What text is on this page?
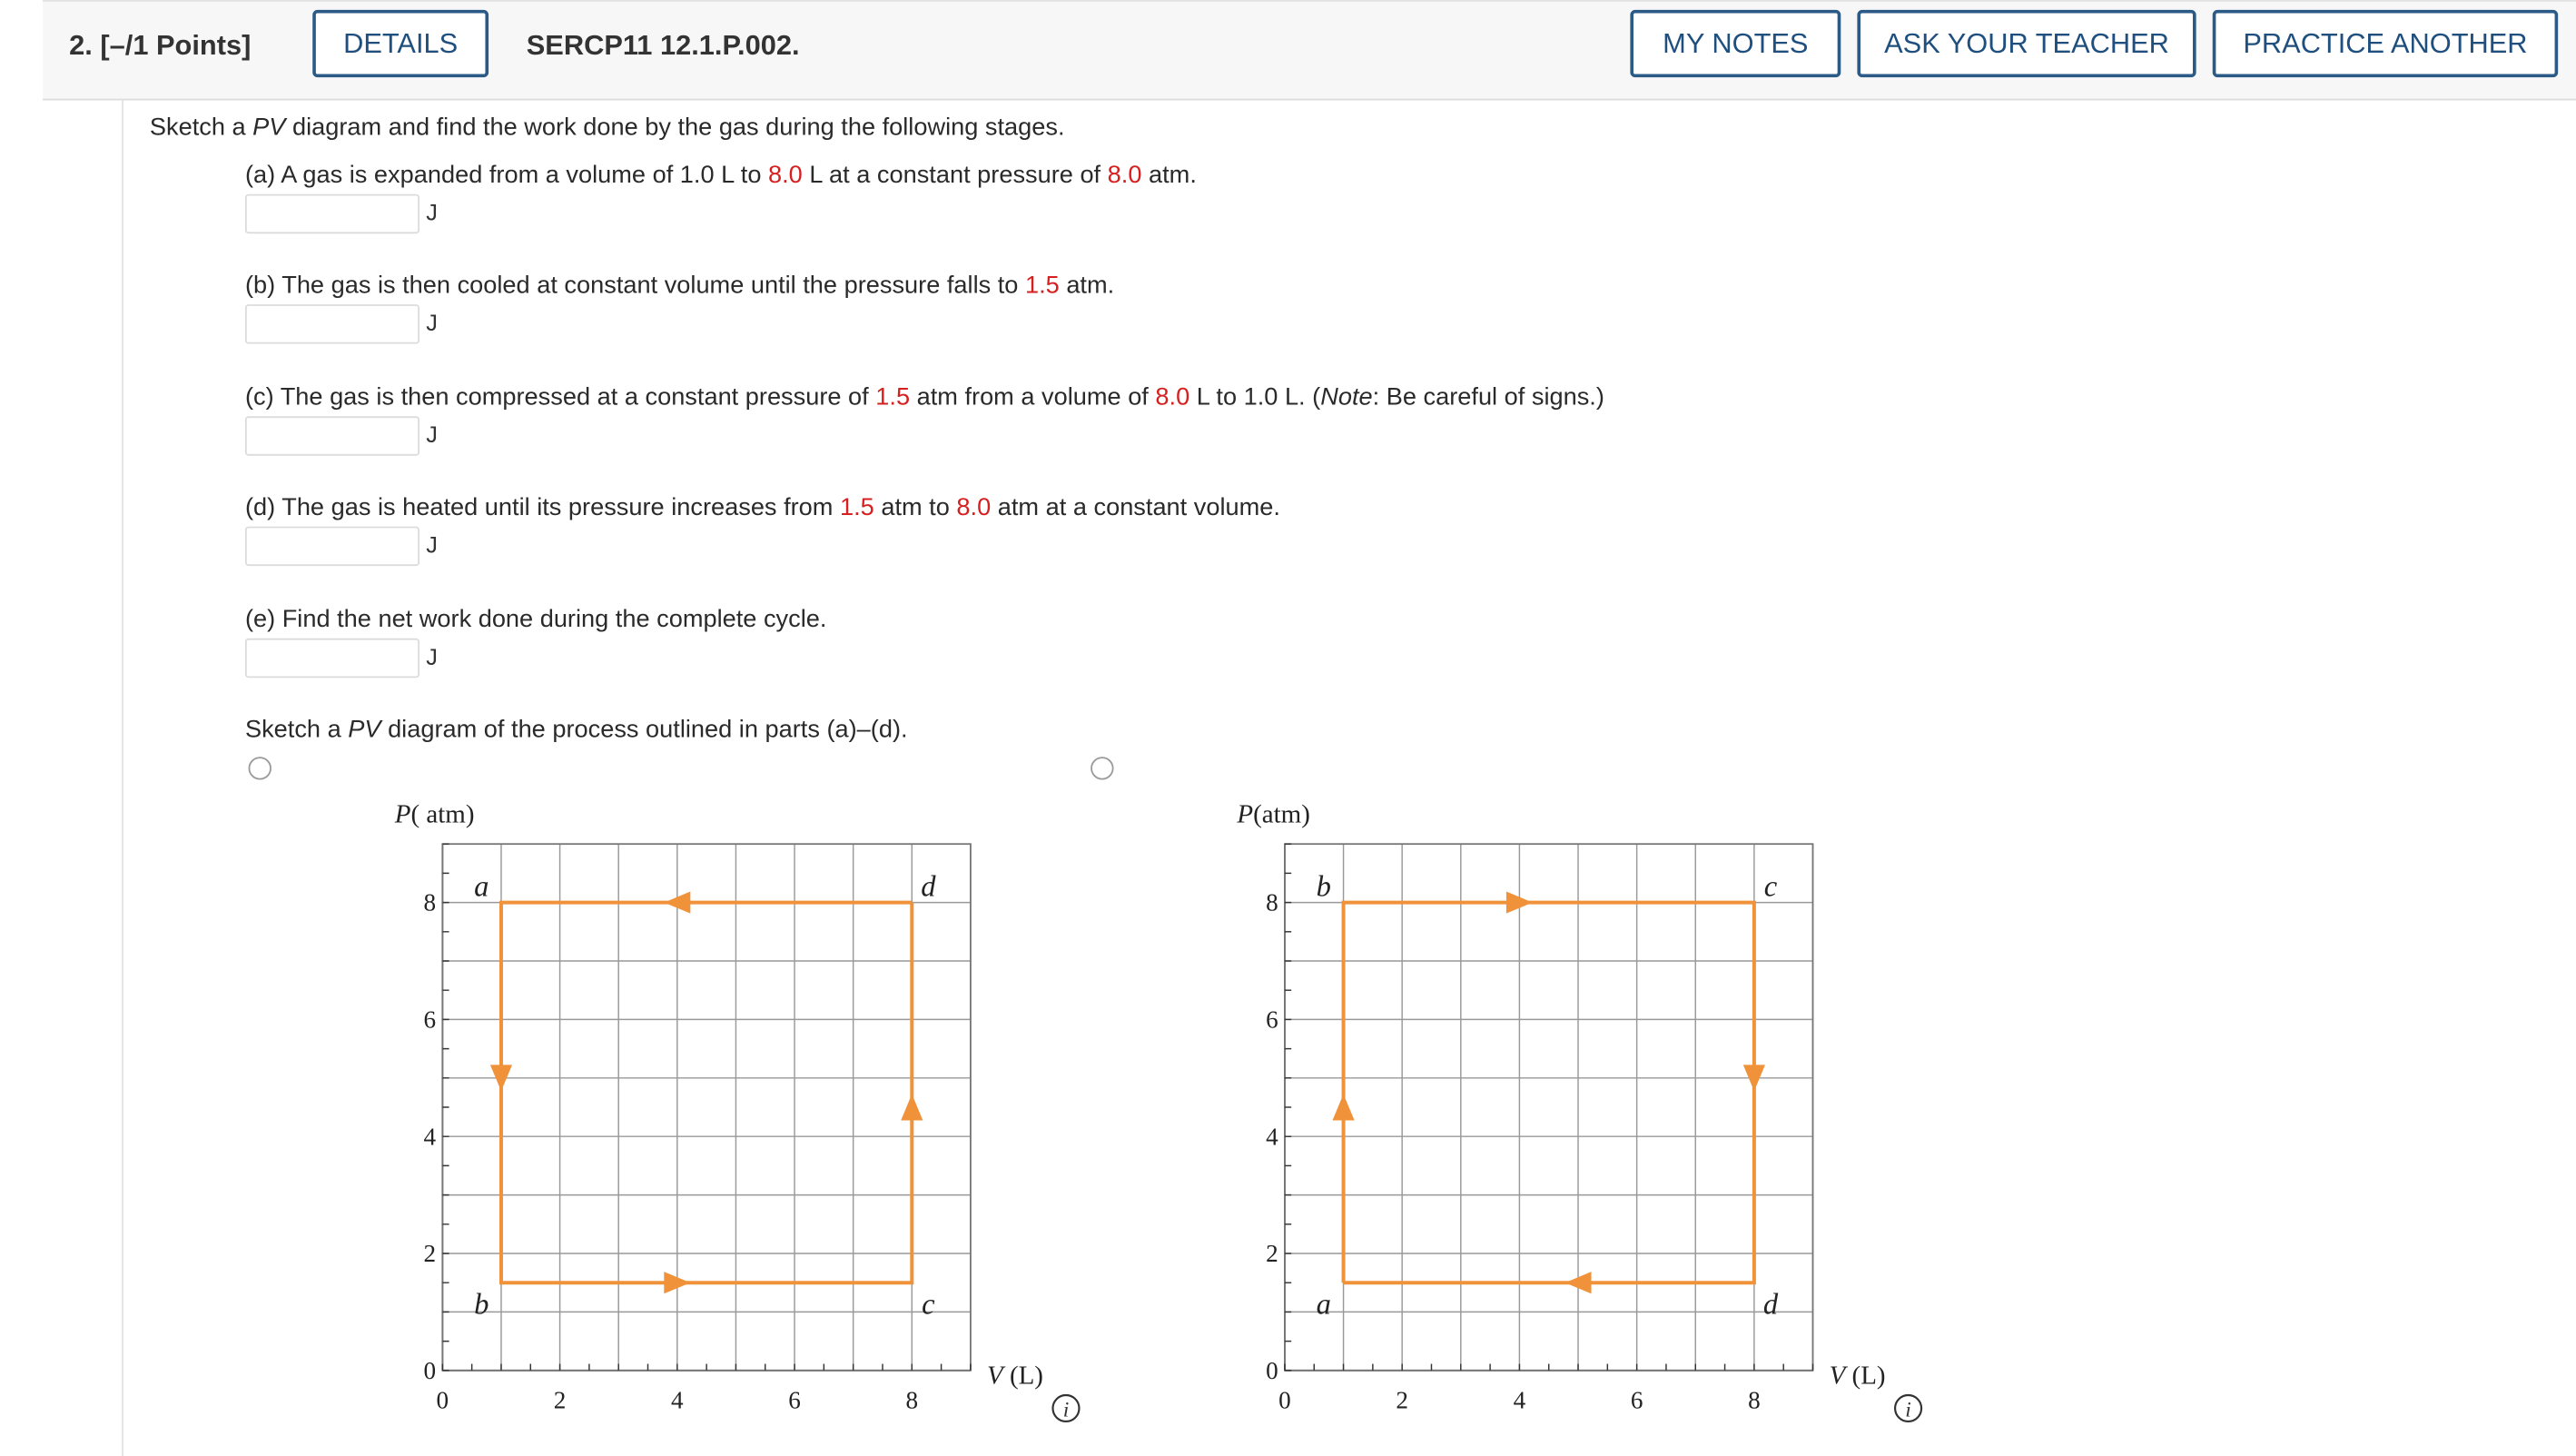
2. [–/1 Points]	DETAILS	SERCP11 12.1.P.002.	MY NOTES	ASK YOUR TEACHER	PRACTICE ANOTHER
Sketch a PV diagram and find the work done by the gas during the following stages.
(a) A gas is expanded from a volume of 1.0 L to 8.0 L at a constant pressure of 8.0 atm.
J
(b) The gas is then cooled at constant volume until the pressure falls to 1.5 atm.
J
(c) The gas is then compressed at a constant pressure of 1.5 atm from a volume of 8.0 L to 1.0 L. (Note: Be careful of signs.)
J
(d) The gas is heated until its pressure increases from 1.5 atm to 8.0 atm at a constant volume.
J
(e) Find the net work done during the complete cycle.
J
Sketch a PV diagram of the process outlined in parts (a)–(d).
0	2	4	6	8
0
2
4
6
8
P( atm)
V (L)
a
b	c
d
i	0	2	4	6	8
0
2
4
6
8
P(atm)
V (L)
a
b	c
d
i
